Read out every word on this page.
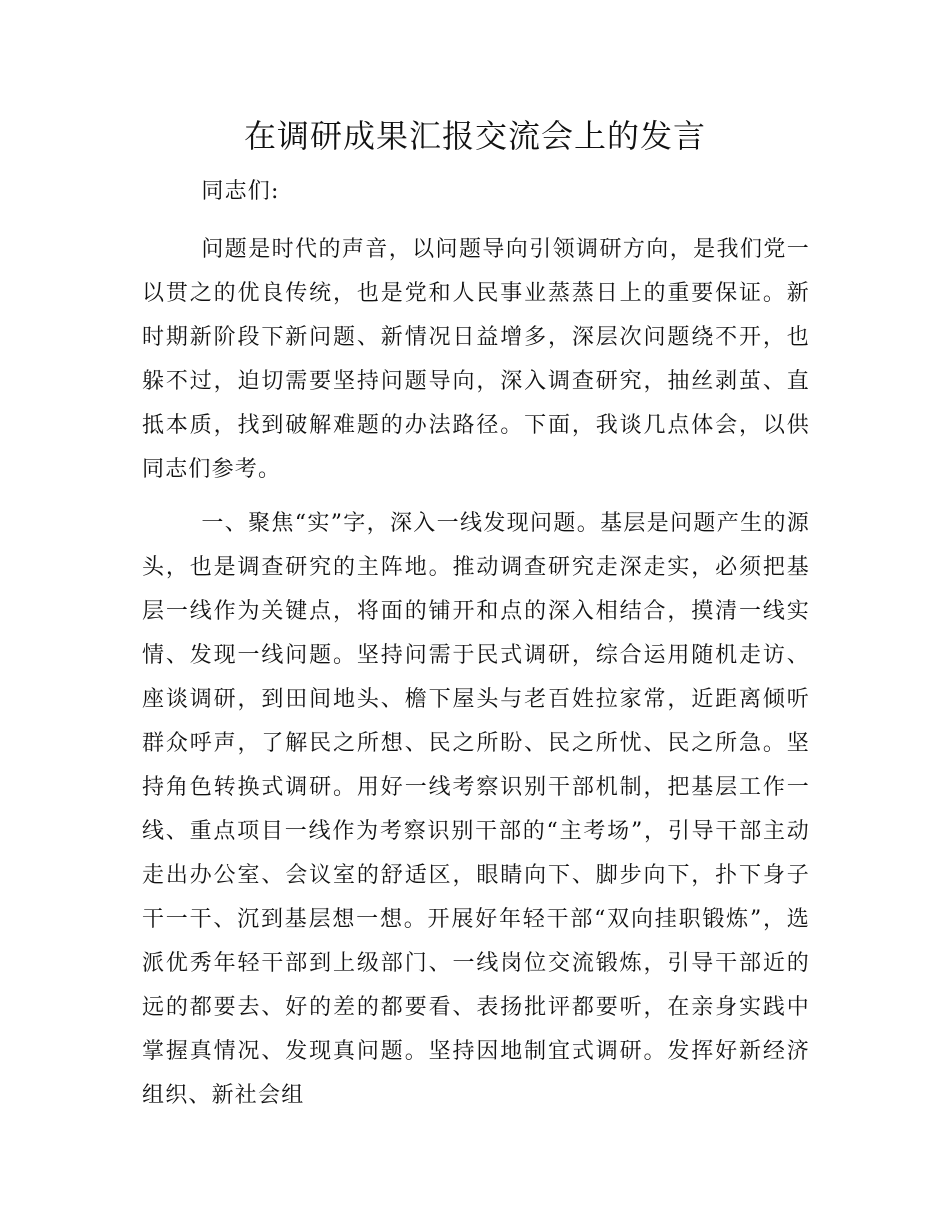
在调研成果汇报交流会上的发言

同志们:

问题是时代的声音，以问题导向引领调研方向，是我们党一以贯之的优良传统，也是党和人民事业蒸蒸日上的重要保证。新时期新阶段下新问题、新情况日益增多，深层次问题绕不开，也躲不过，迫切需要坚持问题导向，深入调查研究，抽丝剥茧、直抵本质，找到破解难题的办法路径。下面，我谈几点体会，以供同志们参考。

一、聚焦“实”字，深入一线发现问题。基层是问题产生的源头，也是调查研究的主阵地。推动调查研究走深走实，必须把基层一线作为关键点，将面的铺开和点的深入相结合，摸清一线实情、发现一线问题。坚持问需于民式调研，综合运用随机走访、座谈调研，到田间地头、檐下屋头与老百姓拉家常，近距离倾听群众呼声，了解民之所想、民之所盼、民之所忧、民之所急。坚持角色转换式调研。用好一线考察识别干部机制，把基层工作一线、重点项目一线作为考察识别干部的“主考场”，引导干部主动走出办公室、会议室的舒适区，眼睛向下、脚步向下，扑下身子干一干、沉到基层想一想。开展好年轻干部“双向挂职锻炼”，选派优秀年轻干部到上级部门、一线岗位交流锻炼，引导干部近的远的都要去、好的差的都要看、表扬批评都要听，在亲身实践中掌握真情况、发现真问题。坚持因地制宜式调研。发挥好新经济组织、新社会组
